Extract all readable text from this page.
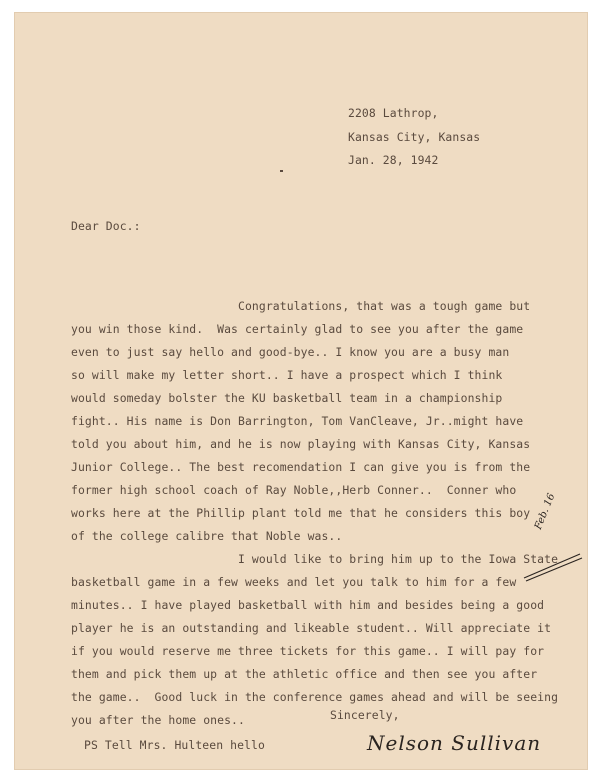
2208 Lathrop,
Kansas City, Kansas
Jan. 28, 1942
Dear Doc.:
Congratulations, that was a tough game but
you win those kind.  Was certainly glad to see you after the game
even to just say hello and good-bye.. I know you are a busy man
so will make my letter short.. I have a prospect which I think
would someday bolster the KU basketball team in a championship
fight.. His name is Don Barrington, Tom VanCleave, Jr..might have
told you about him, and he is now playing with Kansas City, Kansas
Junior College.. The best recomendation I can give you is from the
former high school coach of Ray Noble,,Herb Conner..  Conner who
works here at the Phillip plant told me that he considers this boy
of the college calibre that Noble was..
I would like to bring him up to the Iowa State
basketball game in a few weeks and let you talk to him for a few
minutes.. I have played basketball with him and besides being a good
player he is an outstanding and likeable student.. Will appreciate it
if you would reserve me three tickets for this game.. I will pay for
them and pick them up at the athletic office and then see you after
the game..  Good luck in the conference games ahead and will be seeing
you after the home ones..	Sincerely,
PS Tell Mrs. Hulteen hello	Nelson Sullivan
Feb. 16
